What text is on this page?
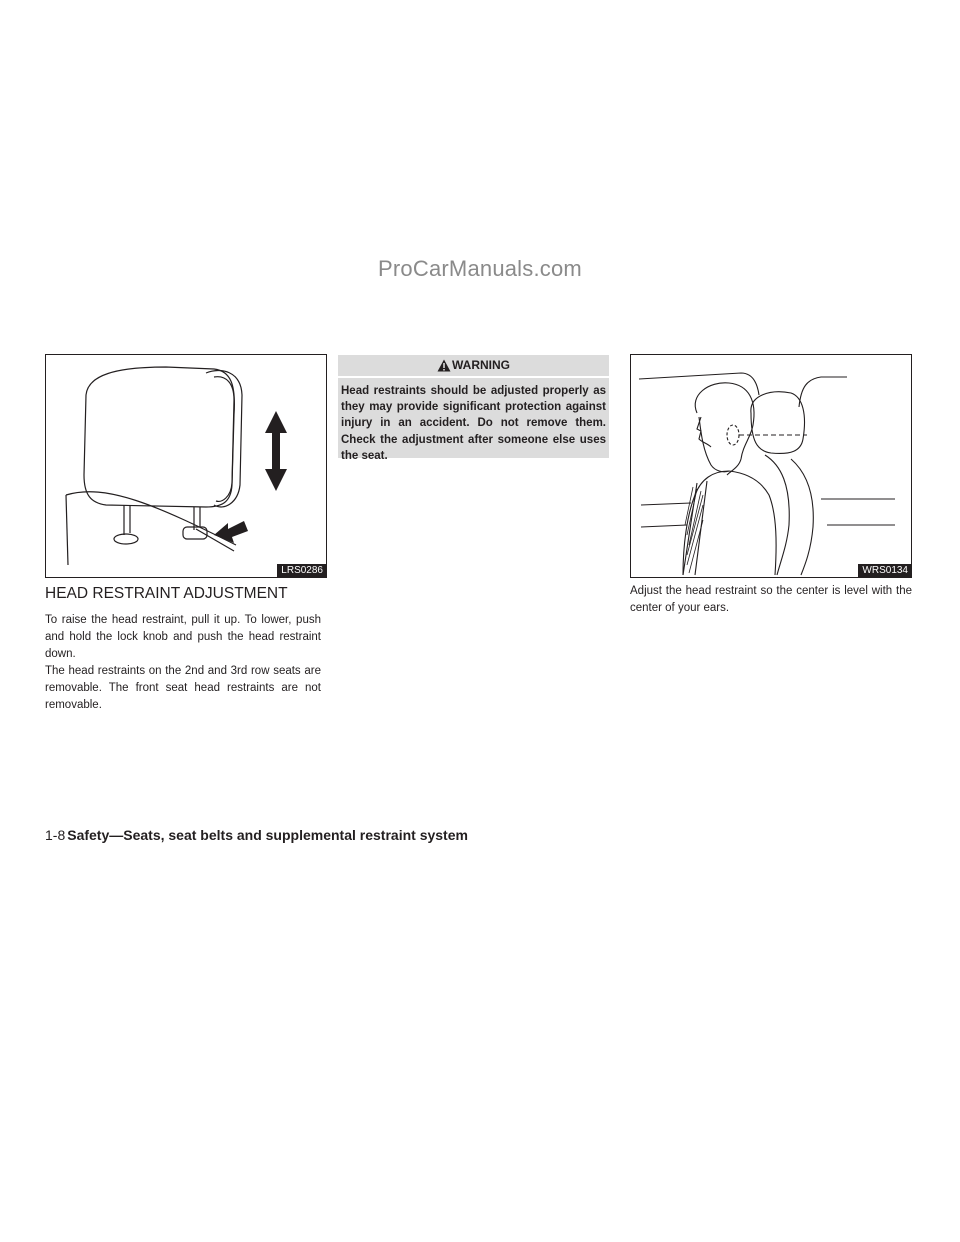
ProCarManuals.com
LRS0286
HEAD RESTRAINT ADJUSTMENT

To raise the head restraint, pull it up. To lower, push and hold the lock knob and push the head restraint down.

The head restraints on the 2nd and 3rd row seats are removable. The front seat head restraints are not removable.

WARNING
Head restraints should be adjusted properly as they may provide significant protection against injury in an accident. Do not remove them. Check the adjustment after someone else uses the seat.
WRS0134

Adjust the head restraint so the center is level with the center of your ears.

1-8 Safety—Seats, seat belts and supplemental restraint system
